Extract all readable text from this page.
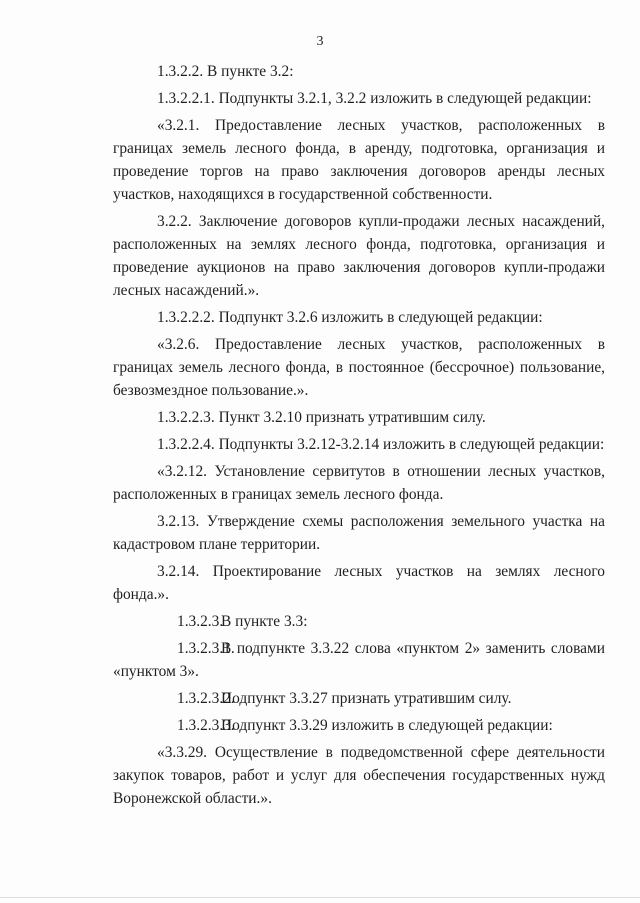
3

1.3.2.2. В пункте 3.2:

1.3.2.2.1. Подпункты 3.2.1, 3.2.2 изложить в следующей редакции:

«3.2.1. Предоставление лесных участков, расположенных в границах земель лесного фонда, в аренду, подготовка, организация и проведение торгов на право заключения договоров аренды лесных участков, находящихся в государственной собственности.

3.2.2. Заключение договоров купли-продажи лесных насаждений, расположенных на землях лесного фонда, подготовка, организация и проведение аукционов на право заключения договоров купли-продажи лесных насаждений.».

1.3.2.2.2. Подпункт 3.2.6 изложить в следующей редакции:

«3.2.6. Предоставление лесных участков, расположенных в границах земель лесного фонда, в постоянное (бессрочное) пользование, безвозмездное пользование.».

1.3.2.2.3. Пункт 3.2.10 признать утратившим силу.

1.3.2.2.4. Подпункты 3.2.12-3.2.14 изложить в следующей редакции:

«3.2.12. Установление сервитутов в отношении лесных участков, расположенных в границах земель лесного фонда.

3.2.13. Утверждение схемы расположения земельного участка на кадастровом плане территории.

3.2.14. Проектирование лесных участков на землях лесного фонда.».

1.3.2.3.В пункте 3.3:

1.3.2.3.1.В подпункте 3.3.22 слова «пунктом 2» заменить словами «пунктом 3».

1.3.2.3.2.Подпункт 3.3.27 признать утратившим силу.

1.3.2.3.3.Подпункт 3.3.29 изложить в следующей редакции:

«3.3.29. Осуществление в подведомственной сфере деятельности закупок товаров, работ и услуг для обеспечения государственных нужд Воронежской области.».
